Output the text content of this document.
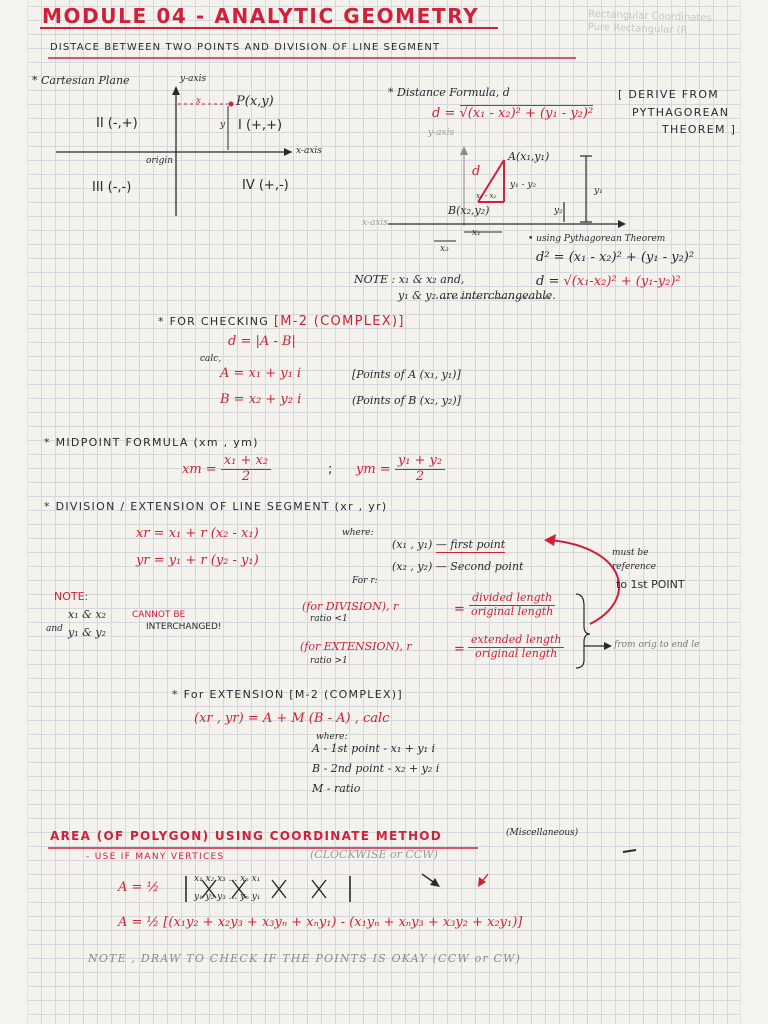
Rectangular Coordinates
Pure Rectangular (R
MODULE 04 - ANALYTIC GEOMETRY
DISTACE BETWEEN TWO POINTS AND DIVISION OF LINE SEGMENT
* Cartesian Plane	y-axis
x-axis
origin
P(x,y)
x
y I (+,+)
II (-,+)
III (-,-)	IV (+,-)
* Distance Formula, d
d = √(x₁ - x₂)² + (y₁ - y₂)²
[ DERIVE FROM
PYTHAGOREAN
THEOREM ]
y-axis
x-axis
A(x₁,y₁)
B(x₂,y₂)
d
y₁ - y₂
x₁ - x₂
x₁
x₂
y₁
y₂
• using Pythagorean Theorem
d² = (x₁ - x₂)² + (y₁ - y₂)²
d = √(x₁-x₂)² + (y₁-y₂)²
NOTE : x₁ & x₂ and,
y₁ & y₂ are interchangeable.
* FOR CHECKING [M-2 (COMPLEX)]
d = |A - B|
calc,
A = x₁ + y₁ i
B = x₂ + y₂ i
[Points of A (x₁, y₁)]
(Points of B (x₂, y₂)]
* MIDPOINT FORMULA (xm , ym)
xm = $\frac{\text{x₁ + x₂}}{2}$	; ym = $\frac{\text{y₁ + y₂}}{2}$
* DIVISION / EXTENSION OF LINE SEGMENT (xr , yr)
xr = x₁ + r (x₂ - x₁)
yr = y₁ + r (y₂ - y₁)
where:
(x₁ , y₁) — first point
(x₂ , y₂) — Second point
For r:
(for DIVISION), r
ratio <1
= $\frac{\text{divided length}}{\text{original length}}$
(for EXTENSION), r
ratio >1
= $\frac{\text{extended length}}{\text{original length}}$
must be
reference
to 1st POINT
from orig to end le
NOTE:
x₁ & x₂
and y₁ & y₂
CANNOT BE
INTERCHANGED!
* For EXTENSION [M-2 (COMPLEX)]
(xr , yr) = A + M (B - A) , calc
where:
A - 1st point - x₁ + y₁ i
B - 2nd point - x₂ + y₂ i
M - ratio
AREA (OF POLYGON) USING COORDINATE METHOD	(Miscellaneous)
- USE IF MANY VERTICES	(CLOCKWISE or CCW)
A = ½
x₁ x₂ x₃ ... xₙ x₁
y₁ y₂ y₃ ... yₙ y₁
A = ½ [(x₁y₂ + x₂y₃ + x₃yₙ + xₙy₁) - (x₁yₙ + xₙy₃ + x₃y₂ + x₂y₁)]
NOTE , DRAW TO CHECK IF THE POINTS IS OKAY (CCW or CW)
